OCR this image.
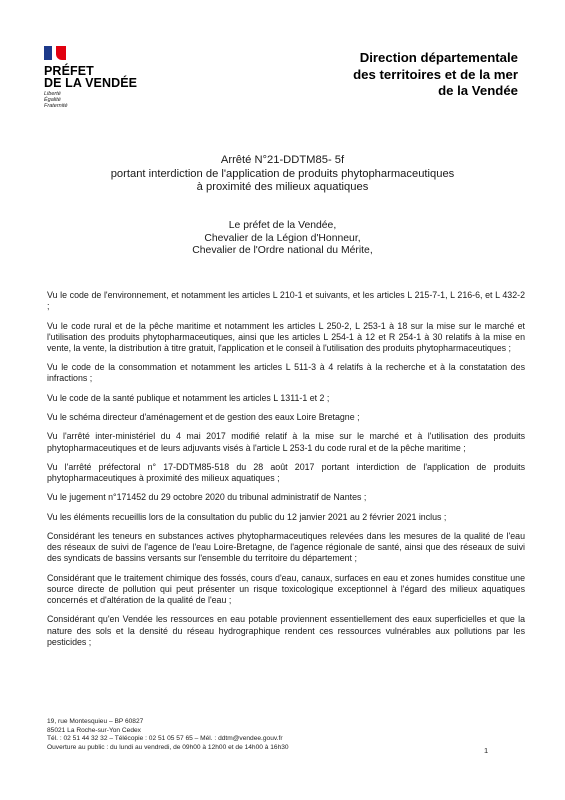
PRÉFET
DE LA VENDÉE
Liberté
Égalité
Fraternité
Direction départementale
des territoires et de la mer
de la Vendée
Arrêté N°21-DDTM85- 5f
portant interdiction de l'application de produits phytopharmaceutiques
à proximité des milieux aquatiques
Le préfet de la Vendée,
Chevalier de la Légion d'Honneur,
Chevalier de l'Ordre national du Mérite,

Vu le code de l'environnement, et notamment les articles L 210-1 et suivants, et les articles L 215-7-1, L 216-6, et L 432-2 ;

Vu le code rural et de la pêche maritime et notamment les articles L 250-2, L 253-1 à 18 sur la mise sur le marché et l'utilisation des produits phytopharmaceutiques, ainsi que les articles L 254-1 à 12 et R 254-1 à 30 relatifs à la mise en vente, la vente, la distribution à titre gratuit, l'application et le conseil à l'utilisation des produits phytopharmaceutiques ;

Vu le code de la consommation et notamment les articles L 511-3 à 4 relatifs à la recherche et à la constatation des infractions ;

Vu le code de la santé publique et notamment les articles L 1311-1 et 2 ;

Vu le schéma directeur d'aménagement et de gestion des eaux Loire Bretagne ;

Vu l'arrêté inter-ministériel du 4 mai 2017 modifié relatif à la mise sur le marché et à l'utilisation des produits phytopharmaceutiques et de leurs adjuvants visés à l'article L 253-1 du code rural et de la pêche maritime ;

Vu l'arrêté préfectoral n° 17-DDTM85-518 du 28 août 2017 portant interdiction de l'application de produits phytopharmaceutiques à proximité des milieux aquatiques ;

Vu le jugement n°171452 du 29 octobre 2020 du tribunal administratif de Nantes ;

Vu les éléments recueillis lors de la consultation du public du 12 janvier 2021 au 2 février 2021 inclus ;

Considérant les teneurs en substances actives phytopharmaceutiques relevées dans les mesures de la qualité de l'eau des réseaux de suivi de l'agence de l'eau Loire-Bretagne, de l'agence régionale de santé, ainsi que des réseaux de suivi des syndicats de bassins versants sur l'ensemble du territoire du département ;

Considérant que le traitement chimique des fossés, cours d'eau, canaux, surfaces en eau et zones humides constitue une source directe de pollution qui peut présenter un risque toxicologique exceptionnel à l'égard des milieux aquatiques concernés et d'altération de la qualité de l'eau ;

Considérant qu'en Vendée les ressources en eau potable proviennent essentiellement des eaux superficielles et que la nature des sols et la densité du réseau hydrographique rendent ces ressources vulnérables aux pollutions par les pesticides ;

19, rue Montesquieu – BP 60827
85021 La Roche-sur-Yon Cedex
Tél. : 02 51 44 32 32 – Télécopie : 02 51 05 57 65 – Mél. : ddtm@vendee.gouv.fr
Ouverture au public : du lundi au vendredi, de 09h00 à 12h00 et de 14h00 à 16h30	1
